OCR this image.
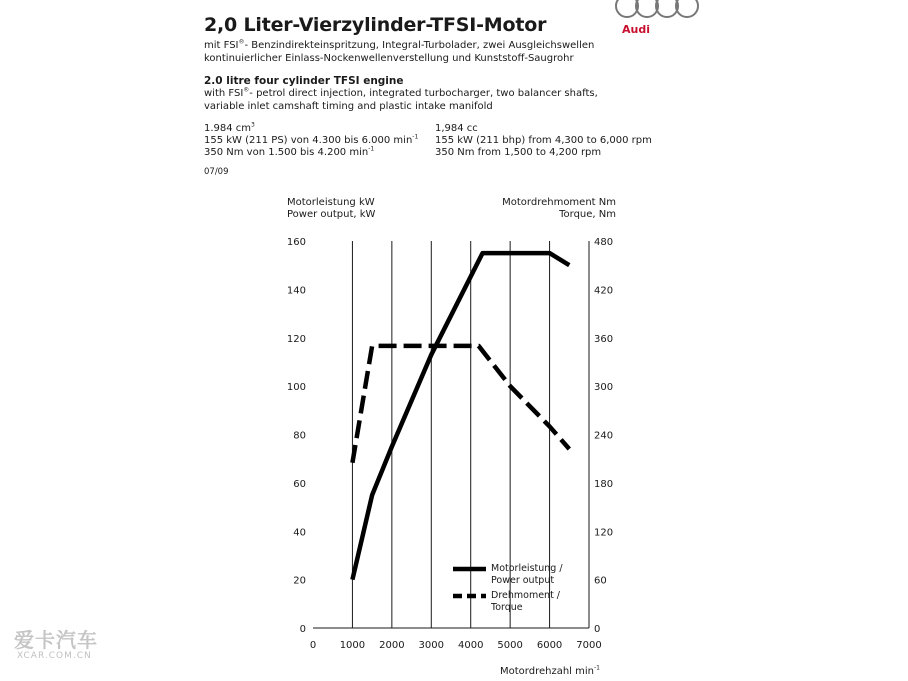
Audi
2,0 Liter-Vierzylinder-TFSI-Motor
mit FSI®- Benzindirekteinspritzung, Integral-Turbolader, zwei Ausgleichswellen
kontinuierlicher Einlass-Nockenwellenverstellung und Kunststoff-Saugrohr
2.0 litre four cylinder TFSI engine
with FSI®- petrol direct injection, integrated turbocharger, two balancer shafts,
variable inlet camshaft timing and plastic intake manifold
1.984 $cm^3$
155 kW (211 PS) von 4.300 bis 6.000 $\min^{-1}$
350 Nm von 1.500 bis 4.200 $\min^{-1}$
1,984 cc
155 kW (211 bhp) from 4,300 to 6,000 rpm
350 Nm from 1,500 to 4,200 rpm
07/09
Motorleistung kW
Power output, kW
Motordrehmoment Nm
Torque, Nm
Motordrehzahl $\min^{-1}$
0 1000 2000 3000 4000 5000 6000 7000
0
20
40
60
80
100
120
140
160
0
60
120
180
240
300
360
420
480
Motorleistung /
Power output
Drehmoment /
Torque
爱卡汽车
XCAR.COM.CN
